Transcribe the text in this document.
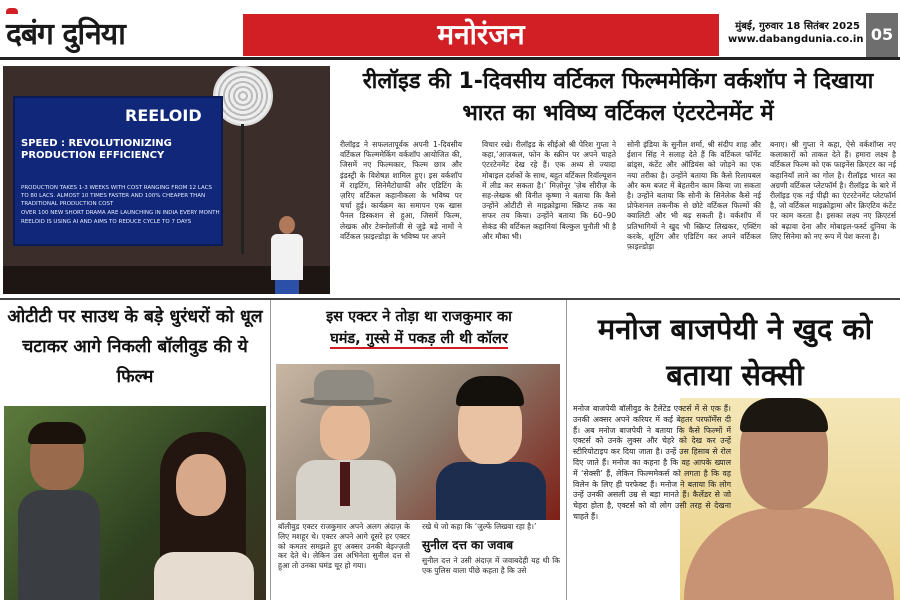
दबंग दुनिया	मनोरंजन	मुंबई, गुरुवार 18 सितंबर 2025
www.dabangdunia.co.in 05
REELOID
SPEED : REVOLUTIONIZING PRODUCTION EFFICIENCY
PRODUCTION TAKES 1-3 WEEKS WITH COST RANGING FROM 12 LACS TO 80 LACS. ALMOST 10 TIMES FASTER AND 100% CHEAPER THAN TRADITIONAL PRODUCTION COST
OVER 100 NEW SHORT DRAMA ARE LAUNCHING IN INDIA EVERY MONTH
REELOID IS USING AI AND AIMS TO REDUCE CYCLE TO 7 DAYS
रीलॉइड की 1-दिवसीय वर्टिकल फिल्ममेकिंग वर्कशॉप ने दिखाया भारत का भविष्य वर्टिकल एंटरटेनमेंट में
रीलॉइड ने सफलतापूर्वक अपनी 1-दिवसीय वर्टिकल फिल्ममेकिंग वर्कशॉप आयोजित की, जिसमें नए फिल्मकार, फिल्म छात्र और इंडस्ट्री के विशेषज्ञ शामिल हुए। इस वर्कशॉप में राइटिंग, सिनेमैटोग्राफी और एडिटिंग के ज़रिए वर्टिकल कहानीकला के भविष्य पर चर्चा हुई। कार्यक्रम का समापन एक खास पैनल डिस्कशन से हुआ, जिसमें फिल्म, लेखक और टेक्नोलॉजी से जुड़े बड़े नामों ने वर्टिकल फ़ाइल्डोड़ा के भविष्य पर अपने
विचार रखे। रीलॉइड के सीईओ श्री पेरिश गुप्ता ने कहा,‘आजकल, फोन के स्क्रीन पर अपने चाहते एंटरटेनमेंट देख रहे हैं। एक अध्य से ज्यादा मोबाइल दर्शकों के साथ, बहुत वर्टिकल रिवॉल्यूशन में लीड कर सकता है।’ मिज़ोनूर 'ज़ेब सीरीज़ के सह-लेखक श्री विनीत कृष्णा ने बताया कि कैसे उन्होंने ओटीटी से माइक्रोड्रामा स्क्रिप्ट तक का सफर तय किया। उन्होंने बताया कि 60–90 सेकंड की वर्टिकल कहानियां बिल्कुल चुनौती भी है और मौका भी।
सोनी इंडिया के सुनील शर्मा, श्री संदीप शाह और ईशान सिंह ने सलाह देते हैं कि वर्टिकल फॉर्मेट ब्रांड्स, कंटेंट और ऑडियंस को जोड़ने का एक नया तरीका है। उन्होंने बताया कि कैसे रिलायबल और कम बजट में बेहतरीन काम किया जा सकता है। उन्होंने बताया कि सोनी के सिनेलेक कैसे नई प्रोफेशनल तकनीक से छोटे वर्टिकल फिल्मों की क्वालिटी और भी बढ़ सकती है। वर्कशॉप में प्रतिभागियों ने खुद भी स्क्रिप्ट लिखकर, एक्टिंग करके, शूटिंग और एडिटिंग कर अपने वर्टिकल फ़ाइल्डोड़ा
बनाए। श्री गुप्ता ने कहा, ऐसे वर्कशॉप्स नए कलाकारों को ताकत देते हैं। हमारा लक्ष्य है वर्टिकल फिल्म को एक फाइनेंस क्रिएटर का नई कहानियाँ लाने का गोल है। रीलॉइड भारत का अग्रणी वर्टिकल प्लेटफॉर्म है। रीलॉइड के बारे में रीलॉइड एक नई पीढ़ी का एंटरटेनमेंट प्लेटफॉर्म है, जो वर्टिकल माइक्रोड्रामा और क्रिएटिव कंटेंट पर काम करता है। इसका लक्ष्य नए क्रिएटर्स को बढ़ावा देना और मोबाइल-फर्स्ट दुनिया के लिए सिनेमा को नए रूप में पेश करना है।
ओटीटी पर साउथ के बड़े धुरंधरों को धूल चटाकर आगे निकली बॉलीवुड की ये फिल्म
इस एक्टर ने तोड़ा था राजकुमार का
घमंड, गुस्से में पकड़ ली थी कॉलर
बॉलीवुड एक्टर राजकुमार अपने अलग अंदाज़ के लिए मशहूर थे। एक्टर अपने आगे दूसरे हर एक्टर को कमतर समझते हुए अक्सर उनकी बेइज्ज़ती कर देते थे। लेकिन उस अभिनेता सुनील दत्त से हुआ तो उनका घमंड चूर हो गया।
रखे थे जो कहा कि ‘जुल्फें लिखवा रहा है।’
सुनील दत्त का जवाब
सुनील दत्त ने उसी अंदाज़ में जवाबदेही यह थी कि एक पुलिस वाला पीछे कहता है कि उसे
मनोज बाजपेयी ने खुद को बताया सेक्सी
मनोज बाजपेयी बॉलीवुड के टैलेंटेड एक्टर्स में से एक हैं। उनकी अक्सर अपने करियर में कई बेहतर परफॉर्मेंस दी हैं। अब मनोज बाजपेयी ने बताया कि कैसे फिल्मों में एक्टर्स को उनके लुक्स और चेहरे को देख कर उन्हें स्टीरियोटाइप कर दिया जाता है। उन्हें उस हिसाब से रोल दिए जाते हैं। मनोज का कहना है कि वह आपके ख्याल में ‘सेक्सी’ हैं, लेकिन फिल्ममेकर्स को लगता है कि वह विलेन के लिए ही परफेक्ट हैं। मनोज ने बताया कि लोग उन्हें उनकी असली उम्र से बड़ा मानते हैं। कैलेंडर से जो चेहरा होता है, एक्टर्स को वो लोग उसी तरह से देखना चाहते हैं।
